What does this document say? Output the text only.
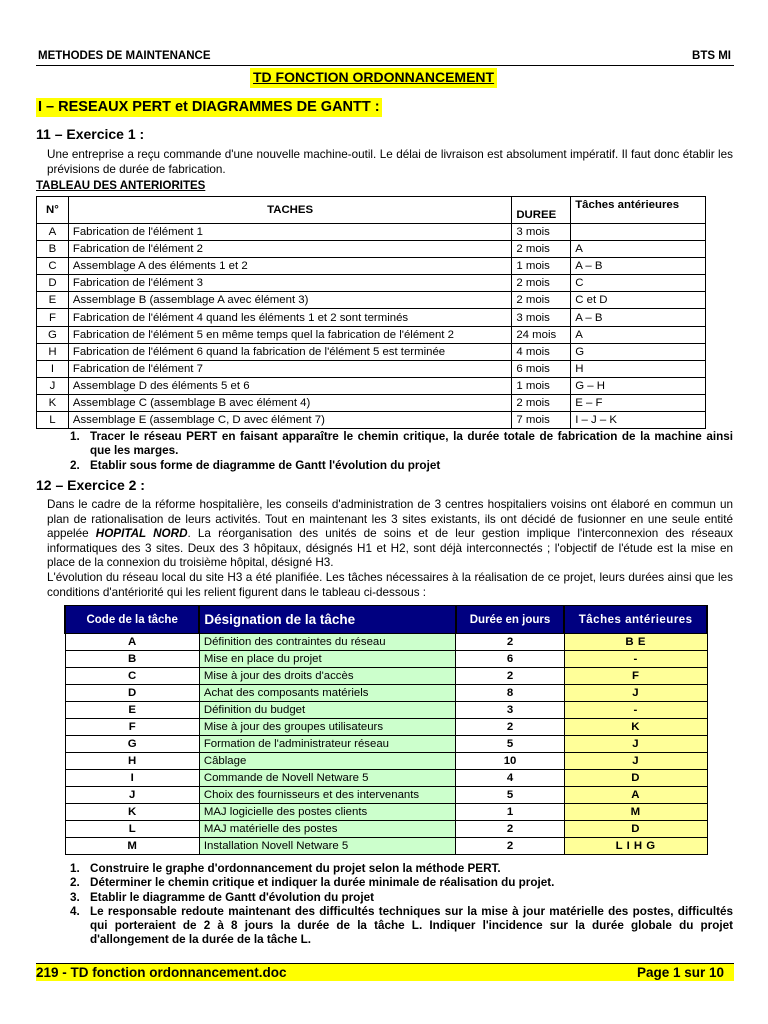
METHODES DE MAINTENANCE	BTS MI
TD FONCTION ORDONNANCEMENT
I – RESEAUX PERT et DIAGRAMMES DE GANTT :
11 – Exercice 1 :
Une entreprise a reçu commande d'une nouvelle machine-outil. Le délai de livraison est absolument impératif. Il faut donc établir les prévisions de durée de fabrication.
TABLEAU DES ANTERIORITES
N°	TACHES	DUREE	Tâches antérieures
A	Fabrication de l'élément 1	3 mois	
B	Fabrication de l'élément 2	2 mois	A
C	Assemblage A des éléments 1 et 2	1 mois	A – B
D	Fabrication de l'élément 3	2 mois	C
E	Assemblage B (assemblage A avec élément 3)	2 mois	C et D
F	Fabrication de l'élément 4 quand les éléments 1 et 2 sont terminés	3 mois	A – B
G	Fabrication de l'élément 5 en même temps quel la fabrication de l'élément 2	24 mois	A
H	Fabrication de l'élément 6 quand la fabrication de l'élément 5 est terminée	4 mois	G
I	Fabrication de l'élément 7	6 mois	H
J	Assemblage D des éléments 5 et 6	1 mois	G – H
K	Assemblage C (assemblage B avec élément 4)	2 mois	E – F
L	Assemblage E (assemblage C, D avec élément 7)	7 mois	I – J – K
1. Tracer le réseau PERT en faisant apparaître le chemin critique, la durée totale de fabrication de la machine ainsi que les marges.
2. Etablir sous forme de diagramme de Gantt l'évolution du projet
12 – Exercice 2 :
Dans le cadre de la réforme hospitalière, les conseils d'administration de 3 centres hospitaliers voisins ont élaboré en commun un plan de rationalisation de leurs activités. Tout en maintenant les 3 sites existants, ils ont décidé de fusionner en une seule entité appelée HOPITAL NORD. La réorganisation des unités de soins et de leur gestion implique l'interconnexion des réseaux informatiques des 3 sites. Deux des 3 hôpitaux, désignés H1 et H2, sont déjà interconnectés ; l'objectif de l'étude est la mise en place de la connexion du troisième hôpital, désigné H3.
L'évolution du réseau local du site H3 a été planifiée. Les tâches nécessaires à la réalisation de ce projet, leurs durées ainsi que les conditions d'antériorité qui les relient figurent dans le tableau ci-dessous :
Code de la tâche	Désignation de la tâche	Durée en jours	Tâches antérieures
A	Définition des contraintes du réseau	2	B E
B	Mise en place du projet	6	-
C	Mise à jour des droits d'accès	2	F
D	Achat des composants matériels	8	J
E	Définition du budget	3	-
F	Mise à jour des groupes utilisateurs	2	K
G	Formation de l'administrateur réseau	5	J
H	Câblage	10	J
I	Commande de Novell Netware 5	4	D
J	Choix des fournisseurs et des intervenants	5	A
K	MAJ logicielle des postes clients	1	M
L	MAJ matérielle des postes	2	D
M	Installation Novell Netware 5	2	L I H G
1. Construire le graphe d'ordonnancement du projet selon la méthode PERT.
2. Déterminer le chemin critique et indiquer la durée minimale de réalisation du projet.
3. Etablir le diagramme de Gantt d'évolution du projet
4. Le responsable redoute maintenant des difficultés techniques sur la mise à jour matérielle des postes, difficultés qui porteraient de 2 à 8 jours la durée de la tâche L. Indiquer l'incidence sur la durée globale du projet d'allongement de la durée de la tâche L.
219 - TD fonction ordonnancement.doc	Page 1 sur 10
